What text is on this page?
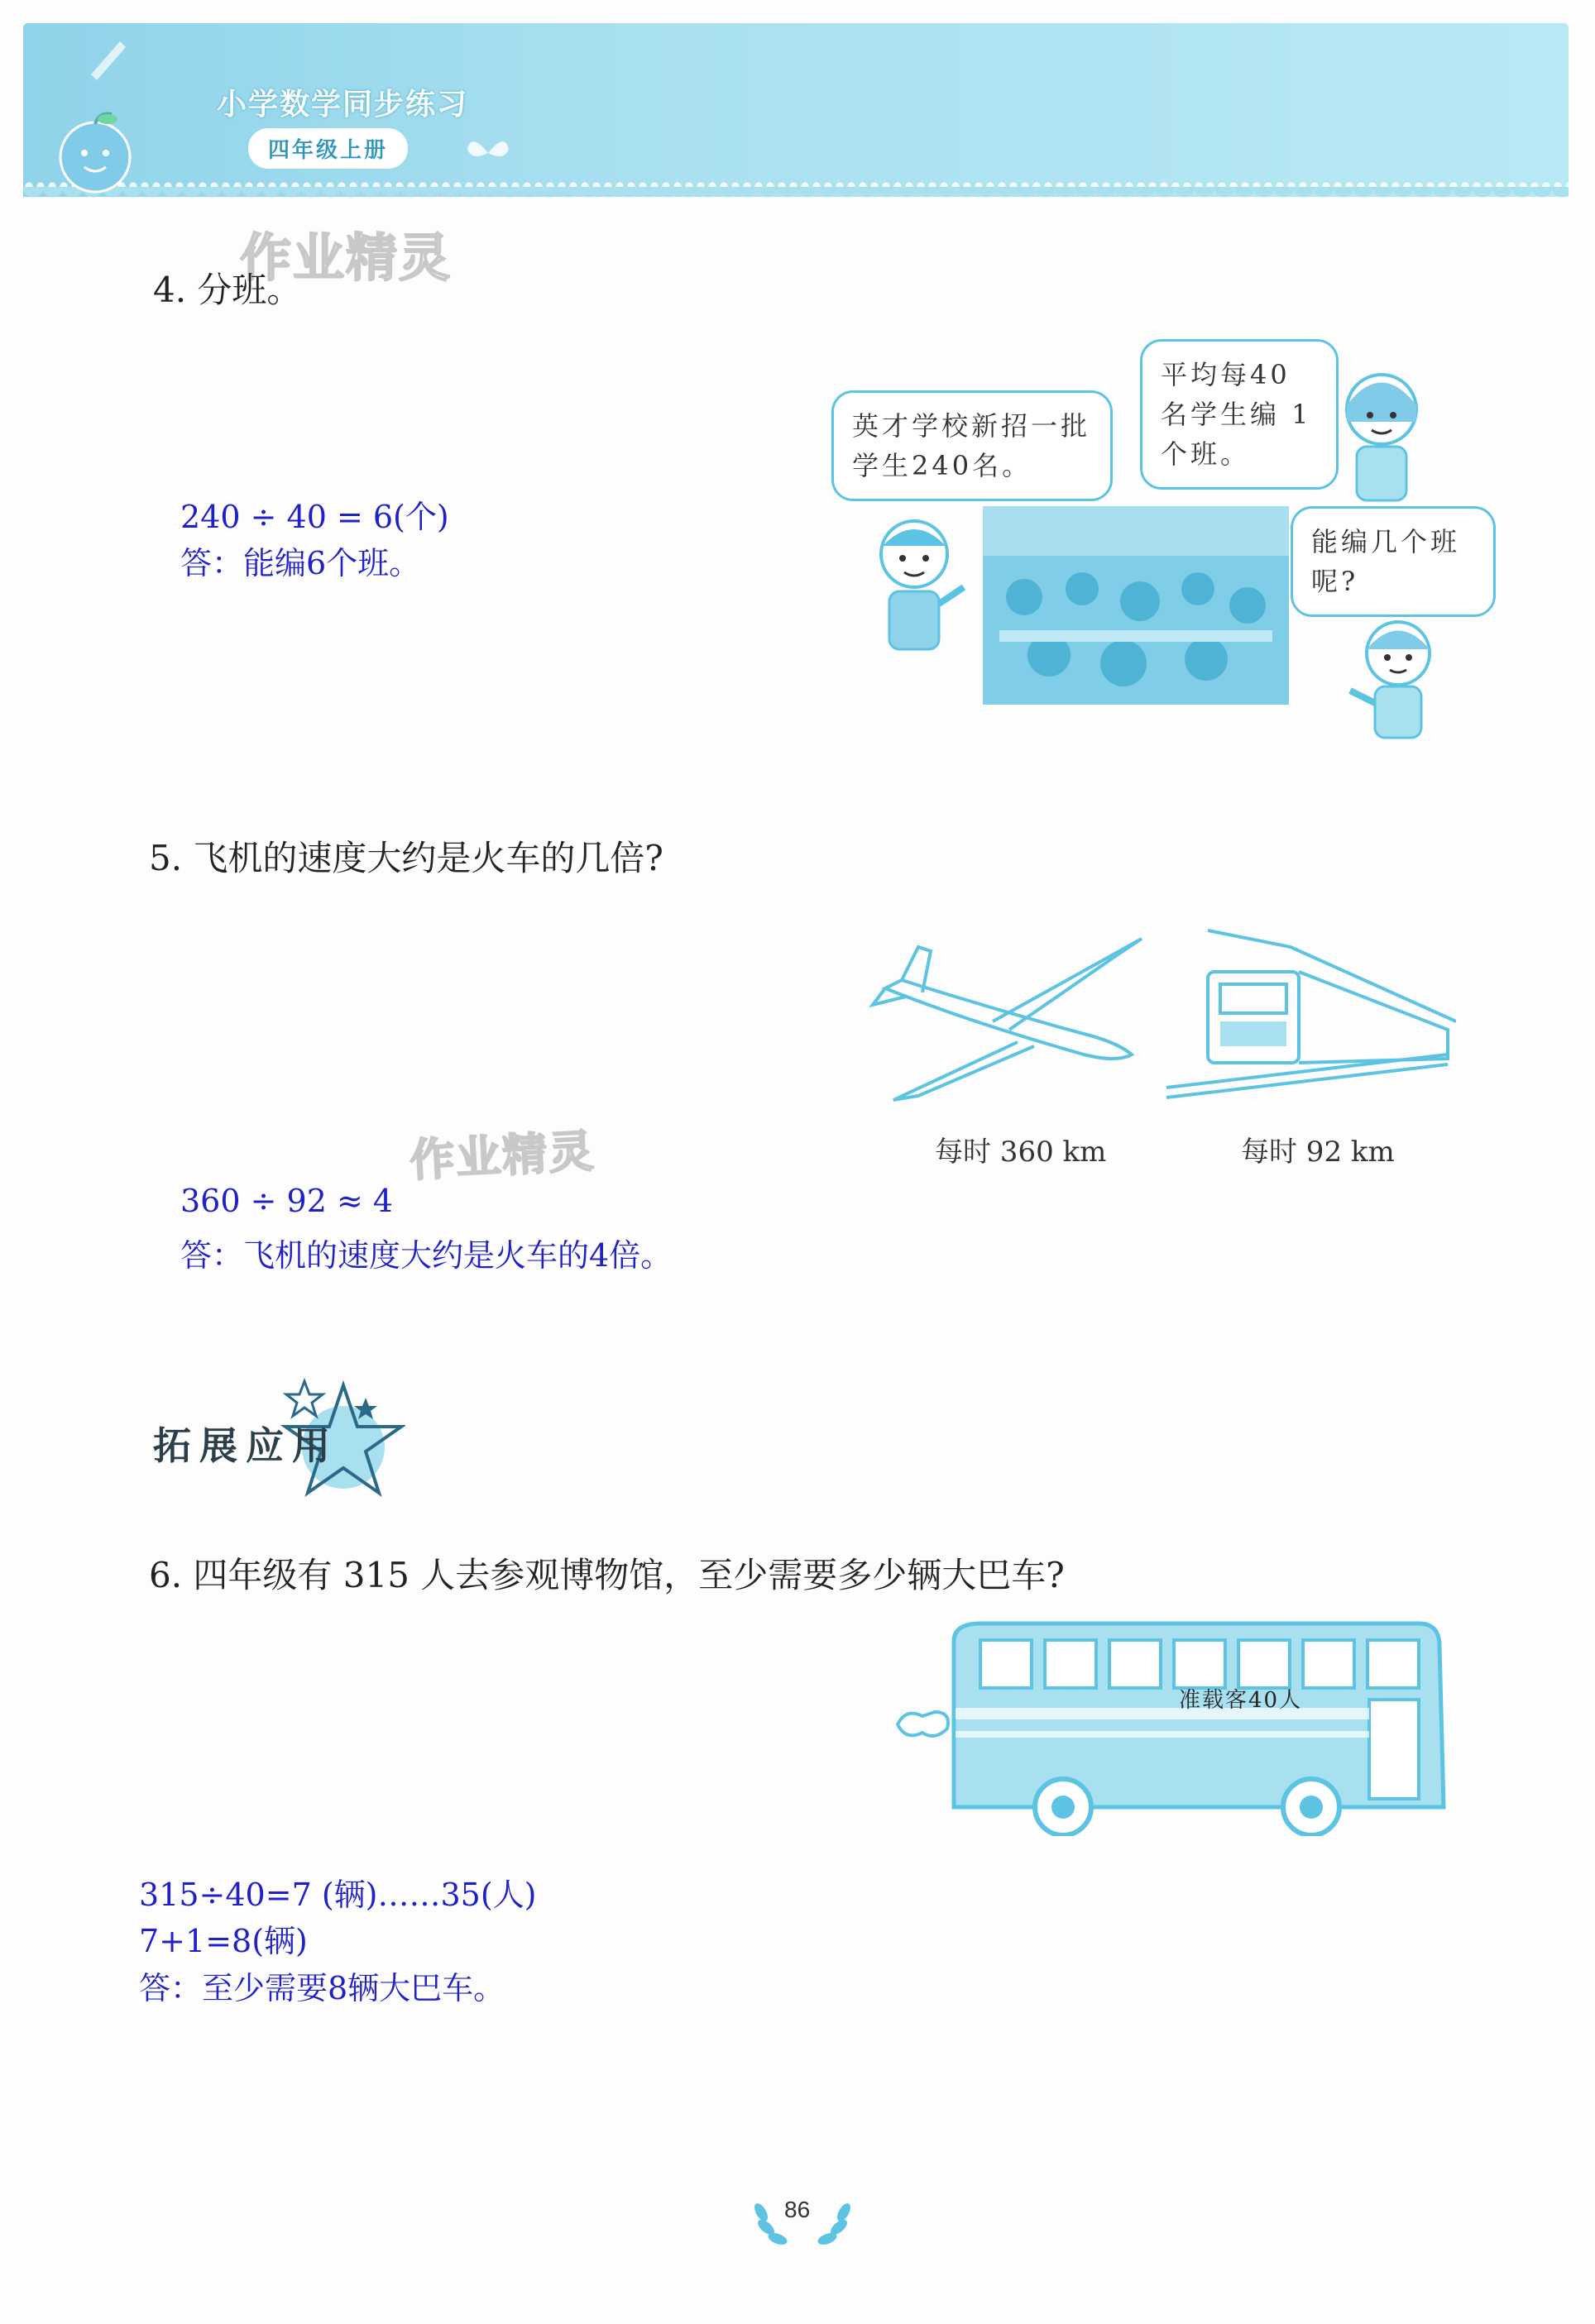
小学数学同步练习
四年级上册
作业精灵
作业精灵
4. 分班。
240 ÷ 40 = 6(个)
答：能编6个班。
英才学校新招一批学生240名。
平均每40 名学生编 1 个班。
能编几个班呢?
5. 飞机的速度大约是火车的几倍?
每时 360 km	每时 92 km
360 ÷ 92 ≈ 4
答：飞机的速度大约是火车的4倍。
拓展应用
6. 四年级有 315 人去参观博物馆，至少需要多少辆大巴车?
准载客40人
315÷40=7 (辆)……35(人)
7+1=8(辆)
答：至少需要8辆大巴车。
86
